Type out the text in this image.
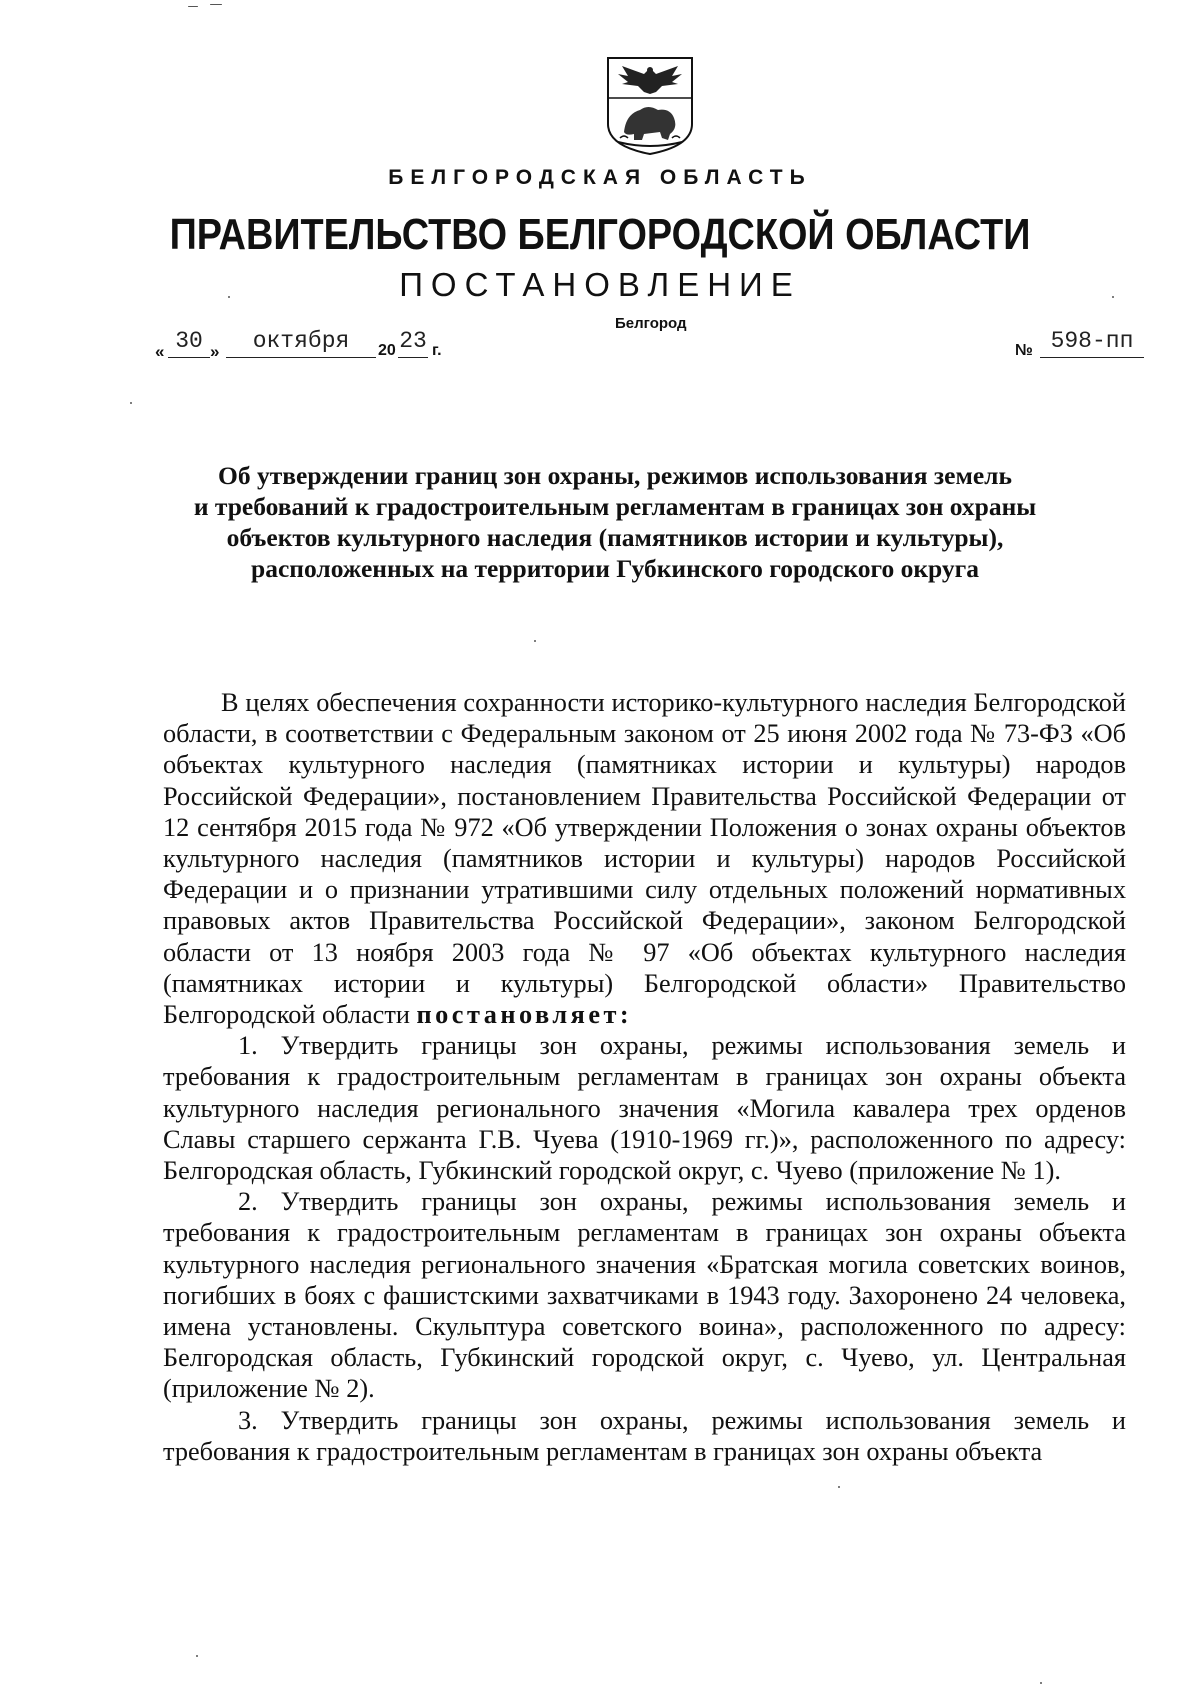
БЕЛГОРОДСКАЯ ОБЛАСТЬ
ПРАВИТЕЛЬСТВО БЕЛГОРОДСКОЙ ОБЛАСТИ
ПОСТАНОВЛЕНИЕ
Белгород
« 30 »	октября	20 23 г.	№ 598-пп
Об утверждении границ зон охраны, режимов использования земель
и требований к градостроительным регламентам в границах зон охраны
объектов культурного наследия (памятников истории и культуры),
расположенных на территории Губкинского городского округа

В целях обеспечения сохранности историко-культурного наследия Белгородской области, в соответствии с Федеральным законом от 25 июня 2002 года № 73-ФЗ «Об объектах культурного наследия (памятниках истории и культуры) народов Российской Федерации», постановлением Правительства Российской Федерации от 12 сентября 2015 года № 972 «Об утверждении Положения о зонах охраны объектов культурного наследия (памятников истории и культуры) народов Российской Федерации и о признании утратившими силу отдельных положений нормативных правовых актов Правительства Российской Федерации», законом Белгородской области от 13 ноября 2003 года № 97 «Об объектах культурного наследия (памятниках истории и культуры) Белгородской области» Правительство Белгородской области постановляет:

1. Утвердить границы зон охраны, режимы использования земель и требования к градостроительным регламентам в границах зон охраны объекта культурного наследия регионального значения «Могила кавалера трех орденов Славы старшего сержанта Г.В. Чуева (1910-1969 гг.)», расположенного по адресу: Белгородская область, Губкинский городской округ, с. Чуево (приложение № 1).

2. Утвердить границы зон охраны, режимы использования земель и требования к градостроительным регламентам в границах зон охраны объекта культурного наследия регионального значения «Братская могила советских воинов, погибших в боях с фашистскими захватчиками в 1943 году. Захоронено 24 человека, имена установлены. Скульптура советского воина», расположенного по адресу: Белгородская область, Губкинский городской округ, с. Чуево, ул. Центральная (приложение № 2).

3. Утвердить границы зон охраны, режимы использования земель и требования к градостроительным регламентам в границах зон охраны объекта
